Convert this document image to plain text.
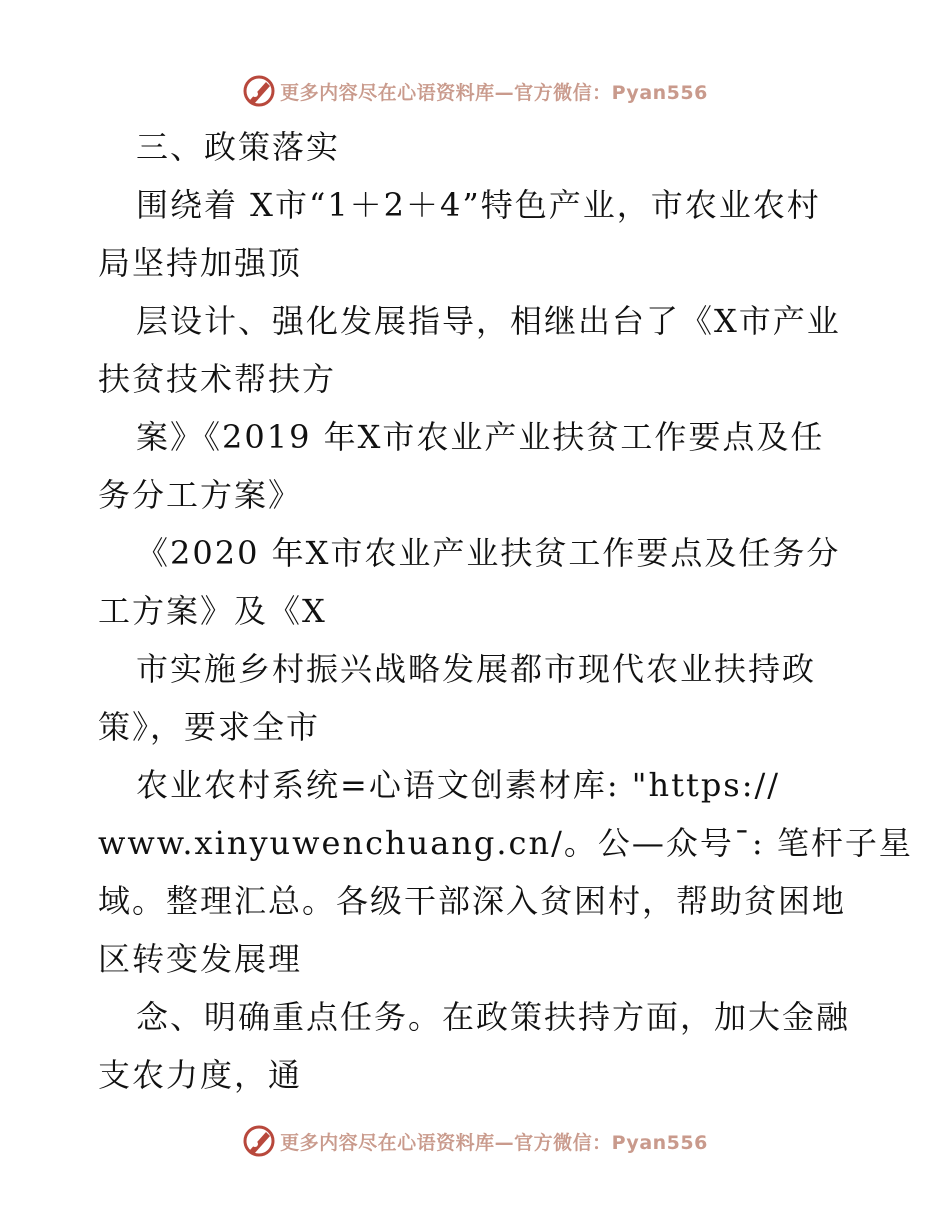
更多内容尽在心语资料库—官方微信：Pyan556
三、政策落实
围绕着 X市“1＋2＋4”特色产业，市农业农村
局坚持加强顶
层设计、强化发展指导，相继出台了《X市产业
扶贫技术帮扶方
案》《2019 年X市农业产业扶贫工作要点及任
务分工方案》
《2020 年X市农业产业扶贫工作要点及任务分
工方案》及《X
市实施乡村振兴战略发展都市现代农业扶持政
策》，要求全市
农业农村系统=心语文创素材库: "https://
www.xinyuwenchuang.cn/。公—众号¯: 笔杆子星
域。整理汇总。各级干部深入贫困村，帮助贫困地
区转变发展理
念、明确重点任务。在政策扶持方面，加大金融
支农力度，通
更多内容尽在心语资料库—官方微信：Pyan556
